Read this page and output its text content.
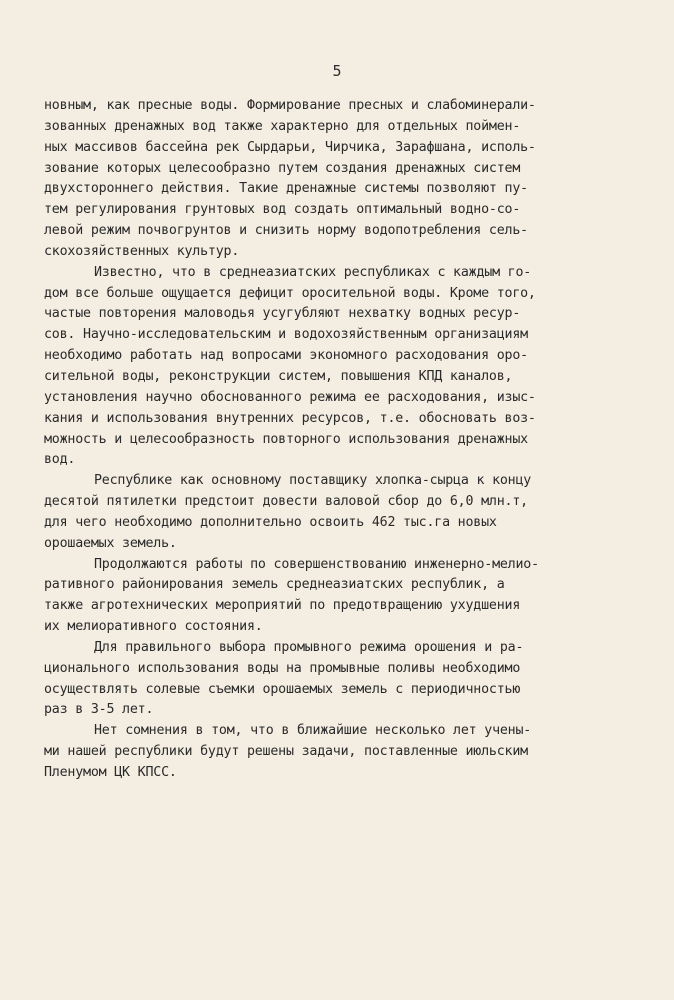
5
новным, как пресные воды. Формирование пресных и слабоминерали-
зованных дренажных вод также характерно для отдельных поймен-
ных массивов бассейна рек Сырдарьи, Чирчика, Зарафшана, исполь-
зование которых целесообразно путем создания дренажных систем
двухстороннего действия. Такие дренажные системы позволяют пу-
тем регулирования грунтовых вод создать оптимальный водно-со-
левой режим почвогрунтов и снизить норму водопотребления сель-
скохозяйственных культур.
Известно, что в среднеазиатских республиках с каждым го-
дом все больше ощущается дефицит оросительной воды. Кроме того,
частые повторения маловодья усугубляют нехватку водных ресур-
сов. Научно-исследовательским и водохозяйственным организациям
необходимо работать над вопросами экономного расходования оро-
сительной воды, реконструкции систем, повышения КПД каналов,
установления научно обоснованного режима ее расходования, изыс-
кания и использования внутренних ресурсов, т.е. обосновать воз-
можность и целесообразность повторного использования дренажных
вод.
Республике как основному поставщику хлопка-сырца к концу
десятой пятилетки предстоит довести валовой сбор до 6,0 млн.т,
для чего необходимо дополнительно освоить 462 тыс.га новых
орошаемых земель.
Продолжаются работы по совершенствованию инженерно-мелио-
ративного районирования земель среднеазиатских республик, а
также агротехнических мероприятий по предотвращению ухудшения
их мелиоративного состояния.
Для правильного выбора промывного режима орошения и ра-
ционального использования воды на промывные поливы необходимо
осуществлять солевые съемки орошаемых земель с периодичностью
раз в 3-5 лет.
Нет сомнения в том, что в ближайшие несколько лет учены-
ми нашей республики будут решены задачи, поставленные июльским
Пленумом ЦК КПСС.
